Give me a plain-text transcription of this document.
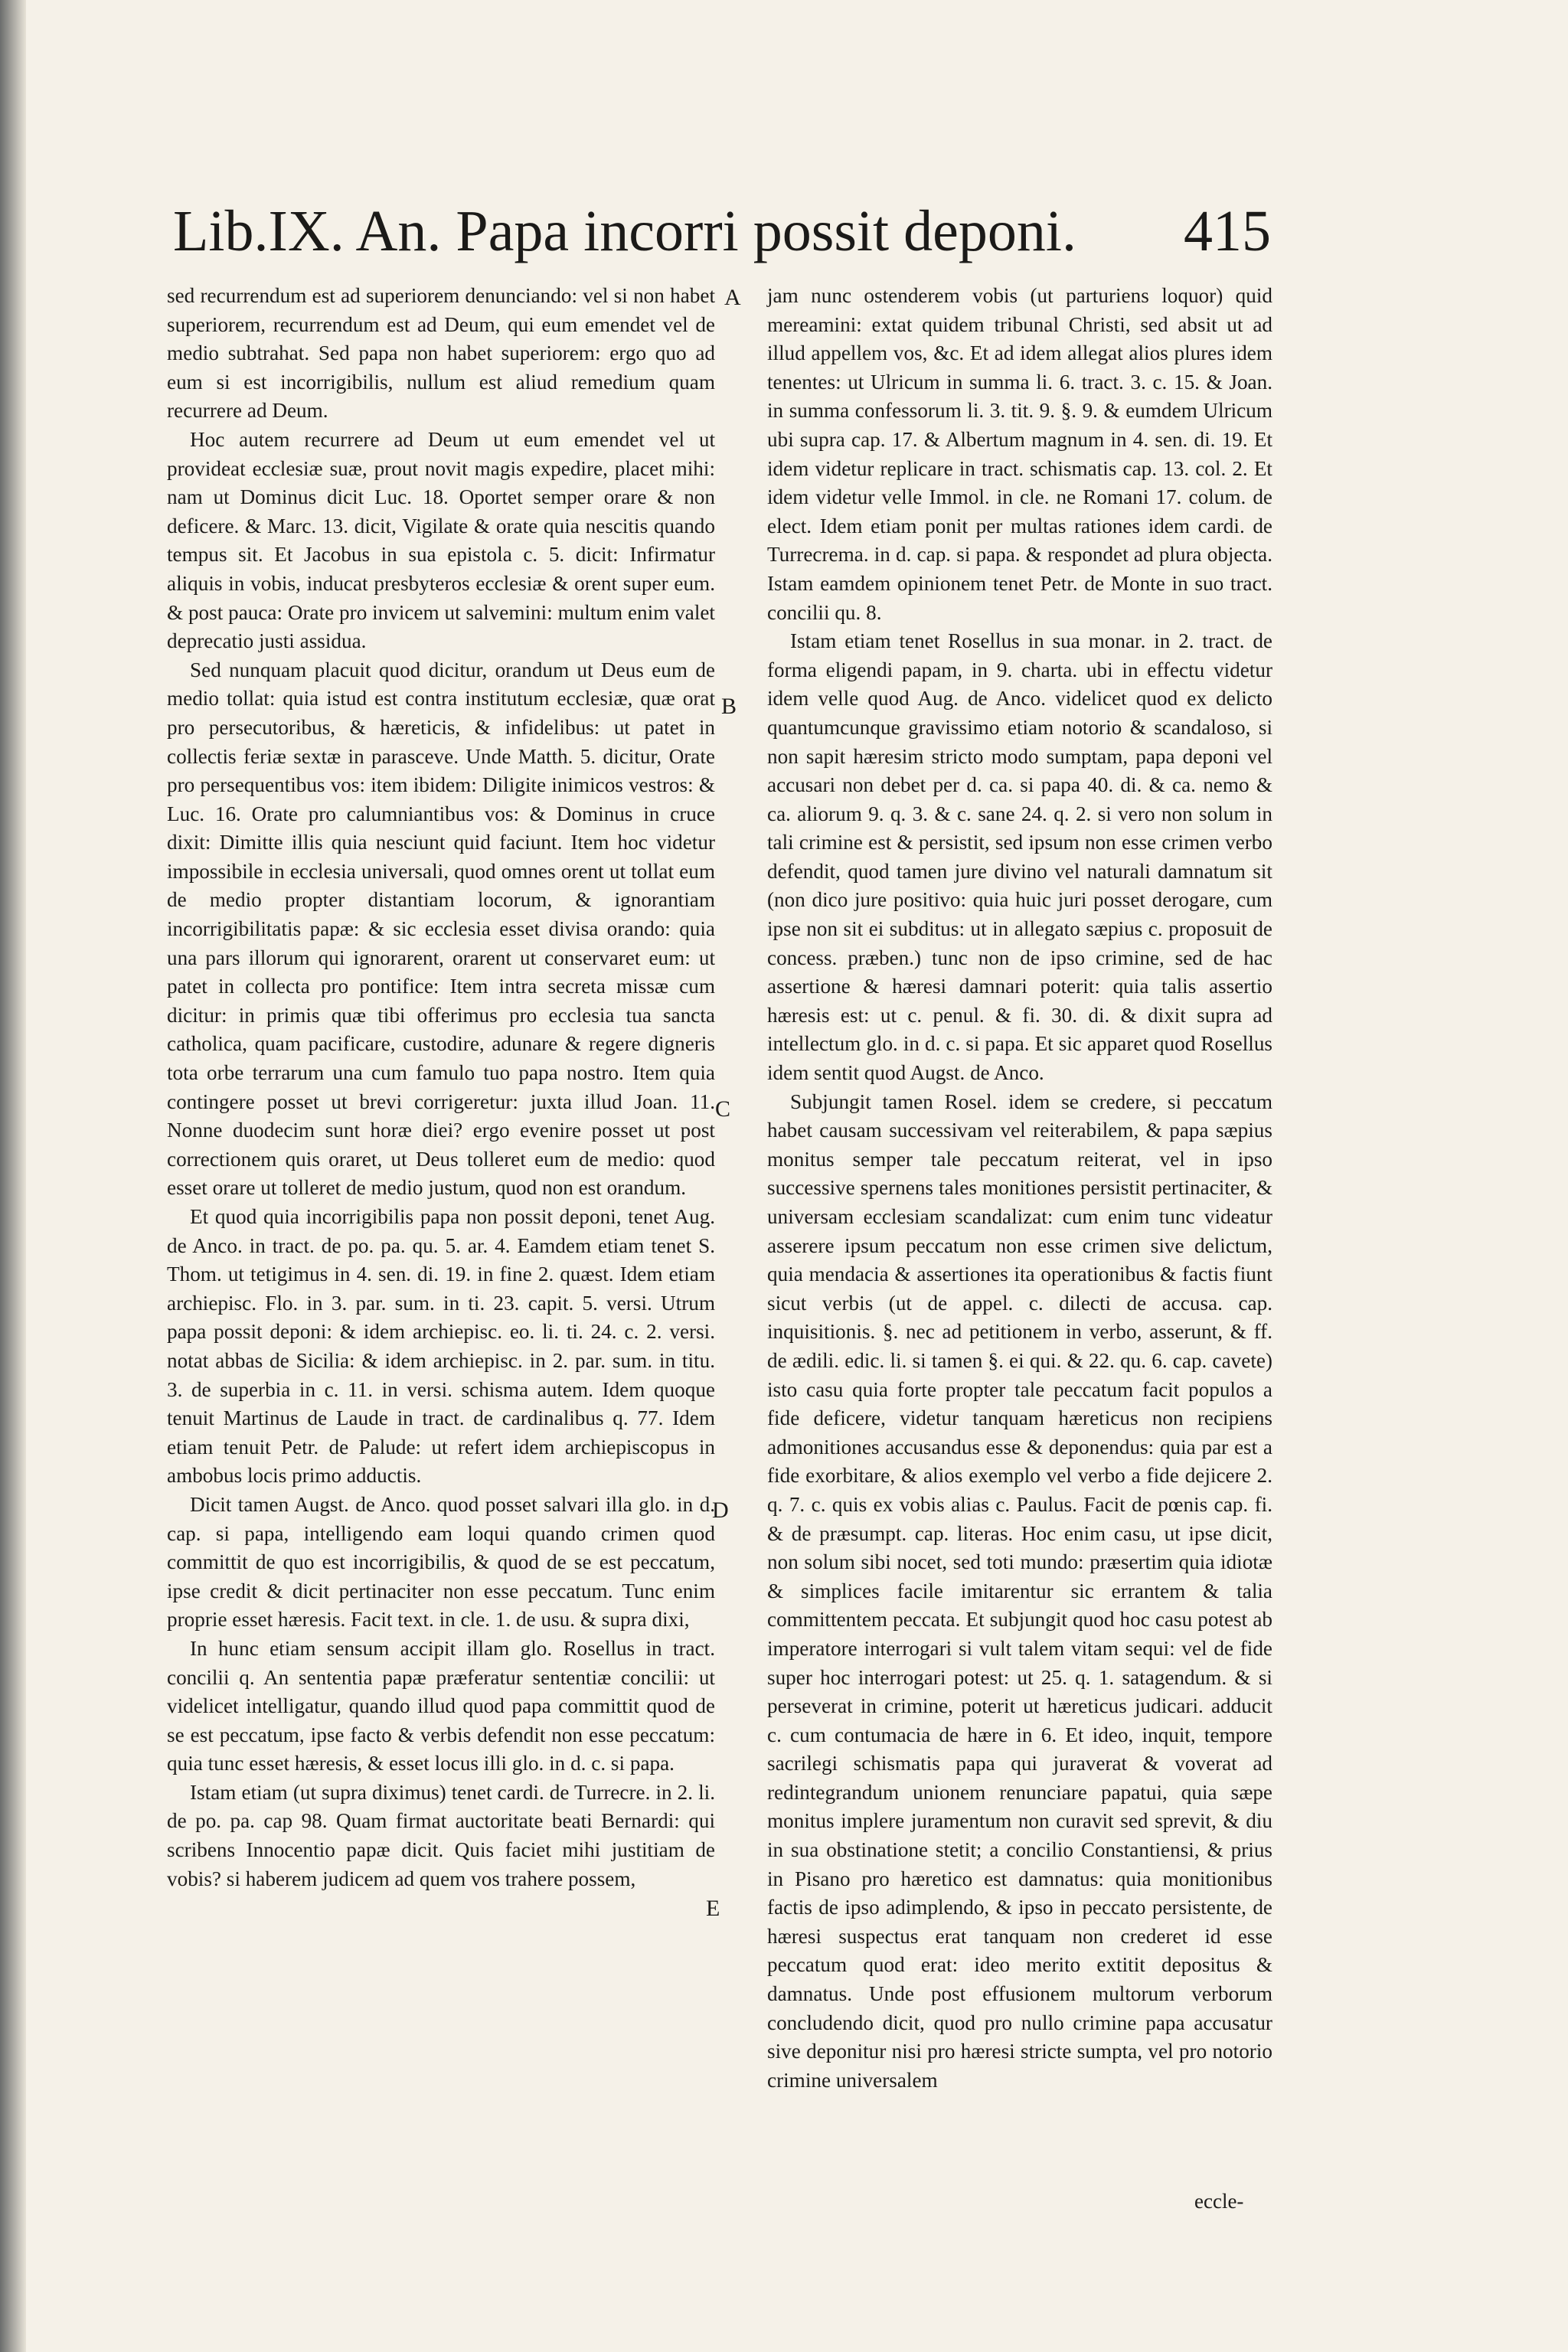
Lib.IX. An. Papa incorri possit deponi. 415

sed recurrendum est ad superiorem denunciando: vel si non habet superiorem, recurrendum est ad Deum, qui eum emendet vel de medio subtrahat. Sed papa non habet superiorem: ergo quo ad eum si est incorrigibilis, nullum est aliud remedium quam recurrere ad Deum.

Hoc autem recurrere ad Deum ut eum emendet vel ut provideat ecclesiæ suæ, prout novit magis expedire, placet mihi: nam ut Dominus dicit Luc. 18. Oportet semper orare & non deficere. & Marc. 13. dicit, Vigilate & orate quia nescitis quando tempus sit. Et Jacobus in sua epistola c. 5. dicit: Infirmatur aliquis in vobis, inducat presbyteros ecclesiæ & orent super eum. & post pauca: Orate pro invicem ut salvemini: multum enim valet deprecatio justi assidua.

Sed nunquam placuit quod dicitur, orandum ut Deus eum de medio tollat: quia istud est contra institutum ecclesiæ, quæ orat pro persecutoribus, & hæreticis, & infidelibus: ut patet in collectis feriæ sextæ in parasceve. Unde Matth. 5. dicitur, Orate pro persequentibus vos: item ibidem: Diligite inimicos vestros: & Luc. 16. Orate pro calumniantibus vos: & Dominus in cruce dixit: Dimitte illis quia nesciunt quid faciunt. Item hoc videtur impossibile in ecclesia universali, quod omnes orent ut tollat eum de medio propter distantiam locorum, & ignorantiam incorrigibilitatis papæ: & sic ecclesia esset divisa orando: quia una pars illorum qui ignorarent, orarent ut conservaret eum: ut patet in collecta pro pontifice: Item intra secreta missæ cum dicitur: in primis quæ tibi offerimus pro ecclesia tua sancta catholica, quam pacificare, custodire, adunare & regere digneris tota orbe terrarum una cum famulo tuo papa nostro. Item quia contingere posset ut brevi corrigeretur: juxta illud Joan. 11. Nonne duodecim sunt horæ diei? ergo evenire posset ut post correctionem quis oraret, ut Deus tolleret eum de medio: quod esset orare ut tolleret de medio justum, quod non est orandum.

Et quod quia incorrigibilis papa non possit deponi, tenet Aug. de Anco. in tract. de po. pa. qu. 5. ar. 4. Eamdem etiam tenet S. Thom. ut tetigimus in 4. sen. di. 19. in fine 2. quæst. Idem etiam archiepisc. Flo. in 3. par. sum. in ti. 23. capit. 5. versi. Utrum papa possit deponi: & idem archiepisc. eo. li. ti. 24. c. 2. versi. notat abbas de Sicilia: & idem archiepisc. in 2. par. sum. in titu. 3. de superbia in c. 11. in versi. schisma autem. Idem quoque tenuit Martinus de Laude in tract. de cardinalibus q. 77. Idem etiam tenuit Petr. de Palude: ut refert idem archiepiscopus in ambobus locis primo adductis.

Dicit tamen Augst. de Anco. quod posset salvari illa glo. in d. cap. si papa, intelligendo eam loqui quando crimen quod committit de quo est incorrigibilis, & quod de se est peccatum, ipse credit & dicit pertinaciter non esse peccatum. Tunc enim proprie esset hæresis. Facit text. in cle. 1. de usu. & supra dixi,

In hunc etiam sensum accipit illam glo. Rosellus in tract. concilii q. An sententia papæ præferatur sententiæ concilii: ut videlicet intelligatur, quando illud quod papa committit quod de se est peccatum, ipse facto & verbis defendit non esse peccatum: quia tunc esset hæresis, & esset locus illi glo. in d. c. si papa.

Istam etiam (ut supra diximus) tenet cardi. de Turrecre. in 2. li. de po. pa. cap 98. Quam firmat auctoritate beati Bernardi: qui scribens Innocentio papæ dicit. Quis faciet mihi justitiam de vobis? si haberem judicem ad quem vos trahere possem,

A
B
C
D
E

jam nunc ostenderem vobis (ut parturiens loquor) quid mereamini: extat quidem tribunal Christi, sed absit ut ad illud appellem vos, &c. Et ad idem allegat alios plures idem tenentes: ut Ulricum in summa li. 6. tract. 3. c. 15. & Joan. in summa confessorum li. 3. tit. 9. §. 9. & eumdem Ulricum ubi supra cap. 17. & Albertum magnum in 4. sen. di. 19. Et idem videtur replicare in tract. schismatis cap. 13. col. 2. Et idem videtur velle Immol. in cle. ne Romani 17. colum. de elect. Idem etiam ponit per multas rationes idem cardi. de Turrecrema. in d. cap. si papa. & respondet ad plura objecta. Istam eamdem opinionem tenet Petr. de Monte in suo tract. concilii qu. 8.

Istam etiam tenet Rosellus in sua monar. in 2. tract. de forma eligendi papam, in 9. charta. ubi in effectu videtur idem velle quod Aug. de Anco. videlicet quod ex delicto quantumcunque gravissimo etiam notorio & scandaloso, si non sapit hæresim stricto modo sumptam, papa deponi vel accusari non debet per d. ca. si papa 40. di. & ca. nemo & ca. aliorum 9. q. 3. & c. sane 24. q. 2. si vero non solum in tali crimine est & persistit, sed ipsum non esse crimen verbo defendit, quod tamen jure divino vel naturali damnatum sit (non dico jure positivo: quia huic juri posset derogare, cum ipse non sit ei subditus: ut in allegato sæpius c. proposuit de concess. præben.) tunc non de ipso crimine, sed de hac assertione & hæresi damnari poterit: quia talis assertio hæresis est: ut c. penul. & fi. 30. di. & dixit supra ad intellectum glo. in d. c. si papa. Et sic apparet quod Rosellus idem sentit quod Augst. de Anco.

Subjungit tamen Rosel. idem se credere, si peccatum habet causam successivam vel reiterabilem, & papa sæpius monitus semper tale peccatum reiterat, vel in ipso successive spernens tales monitiones persistit pertinaciter, & universam ecclesiam scandalizat: cum enim tunc videatur asserere ipsum peccatum non esse crimen sive delictum, quia mendacia & assertiones ita operationibus & factis fiunt sicut verbis (ut de appel. c. dilecti de accusa. cap. inquisitionis. §. nec ad petitionem in verbo, asserunt, & ff. de ædili. edic. li. si tamen §. ei qui. & 22. qu. 6. cap. cavete) isto casu quia forte propter tale peccatum facit populos a fide deficere, videtur tanquam hæreticus non recipiens admonitiones accusandus esse & deponendus: quia par est a fide exorbitare, & alios exemplo vel verbo a fide dejicere 2. q. 7. c. quis ex vobis alias c. Paulus. Facit de pœnis cap. fi. & de præsumpt. cap. literas. Hoc enim casu, ut ipse dicit, non solum sibi nocet, sed toti mundo: præsertim quia idiotæ & simplices facile imitarentur sic errantem & talia committentem peccata. Et subjungit quod hoc casu potest ab imperatore interrogari si vult talem vitam sequi: vel de fide super hoc interrogari potest: ut 25. q. 1. satagendum. & si perseverat in crimine, poterit ut hæreticus judicari. adducit c. cum contumacia de hære in 6. Et ideo, inquit, tempore sacrilegi schismatis papa qui juraverat & voverat ad redintegrandum unionem renunciare papatui, quia sæpe monitus implere juramentum non curavit sed sprevit, & diu in sua obstinatione stetit; a concilio Constantiensi, & prius in Pisano pro hæretico est damnatus: quia monitionibus factis de ipso adimplendo, & ipso in peccato persistente, de hæresi suspectus erat tanquam non crederet id esse peccatum quod erat: ideo merito extitit depositus & damnatus. Unde post effusionem multorum verborum concludendo dicit, quod pro nullo crimine papa accusatur sive deponitur nisi pro hæresi stricte sumpta, vel pro notorio crimine universalem

eccle-
